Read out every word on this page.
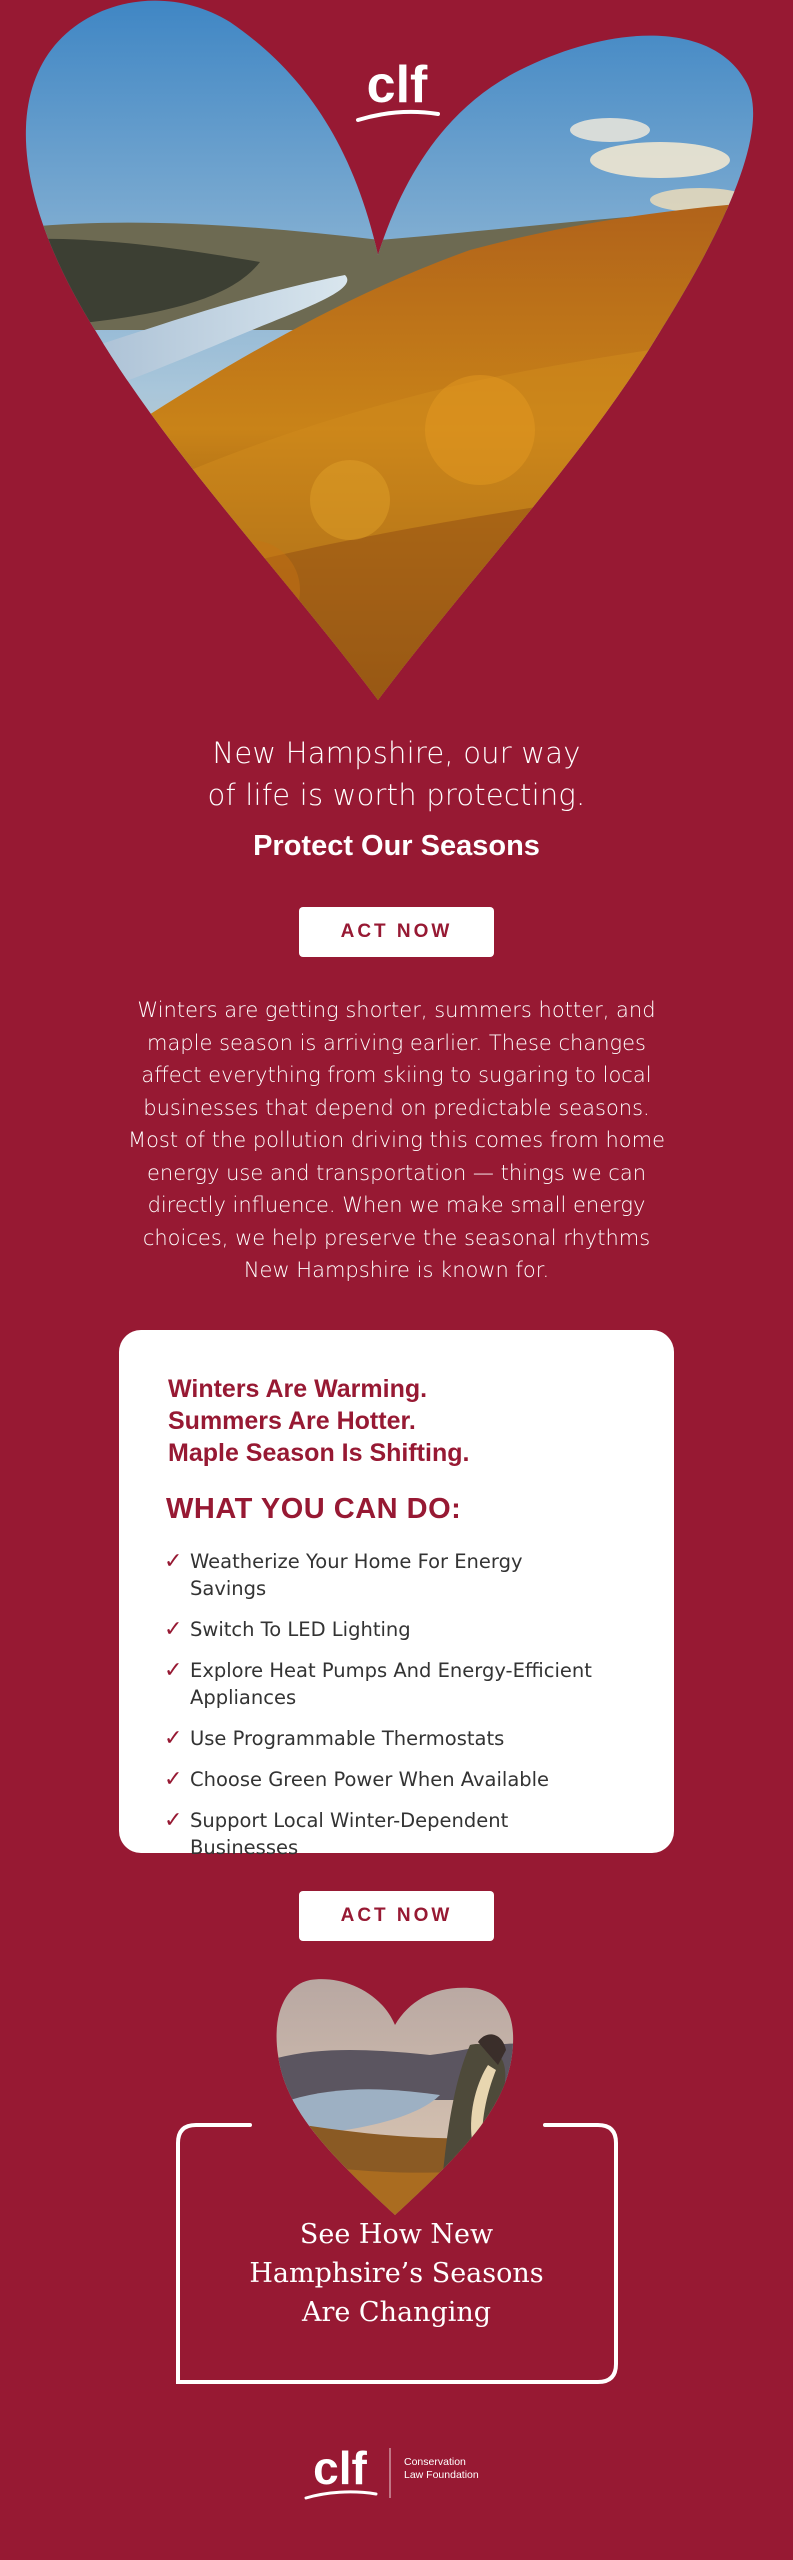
clf
New Hampshire, our way
of life is worth protecting.
Protect Our Seasons
ACT NOW

Winters are getting shorter, summers hotter, and maple season is arriving earlier. These changes affect everything from skiing to sugaring to local businesses that depend on predictable seasons. Most of the pollution driving this comes from home energy use and transportation — things we can directly influence. When we make small energy choices, we help preserve the seasonal rhythms New Hampshire is known for.

Winters Are Warming.
Summers Are Hotter.
Maple Season Is Shifting.
WHAT YOU CAN DO:
✓ Weatherize Your Home For Energy Savings
✓ Switch To LED Lighting
✓ Explore Heat Pumps And Energy-Efficient Appliances
✓ Use Programmable Thermostats
✓ Choose Green Power When Available
✓ Support Local Winter-Dependent Businesses
ACT NOW
See How New
Hamphsire’s Seasons
Are Changing
clf	Conservation
Law Foundation
